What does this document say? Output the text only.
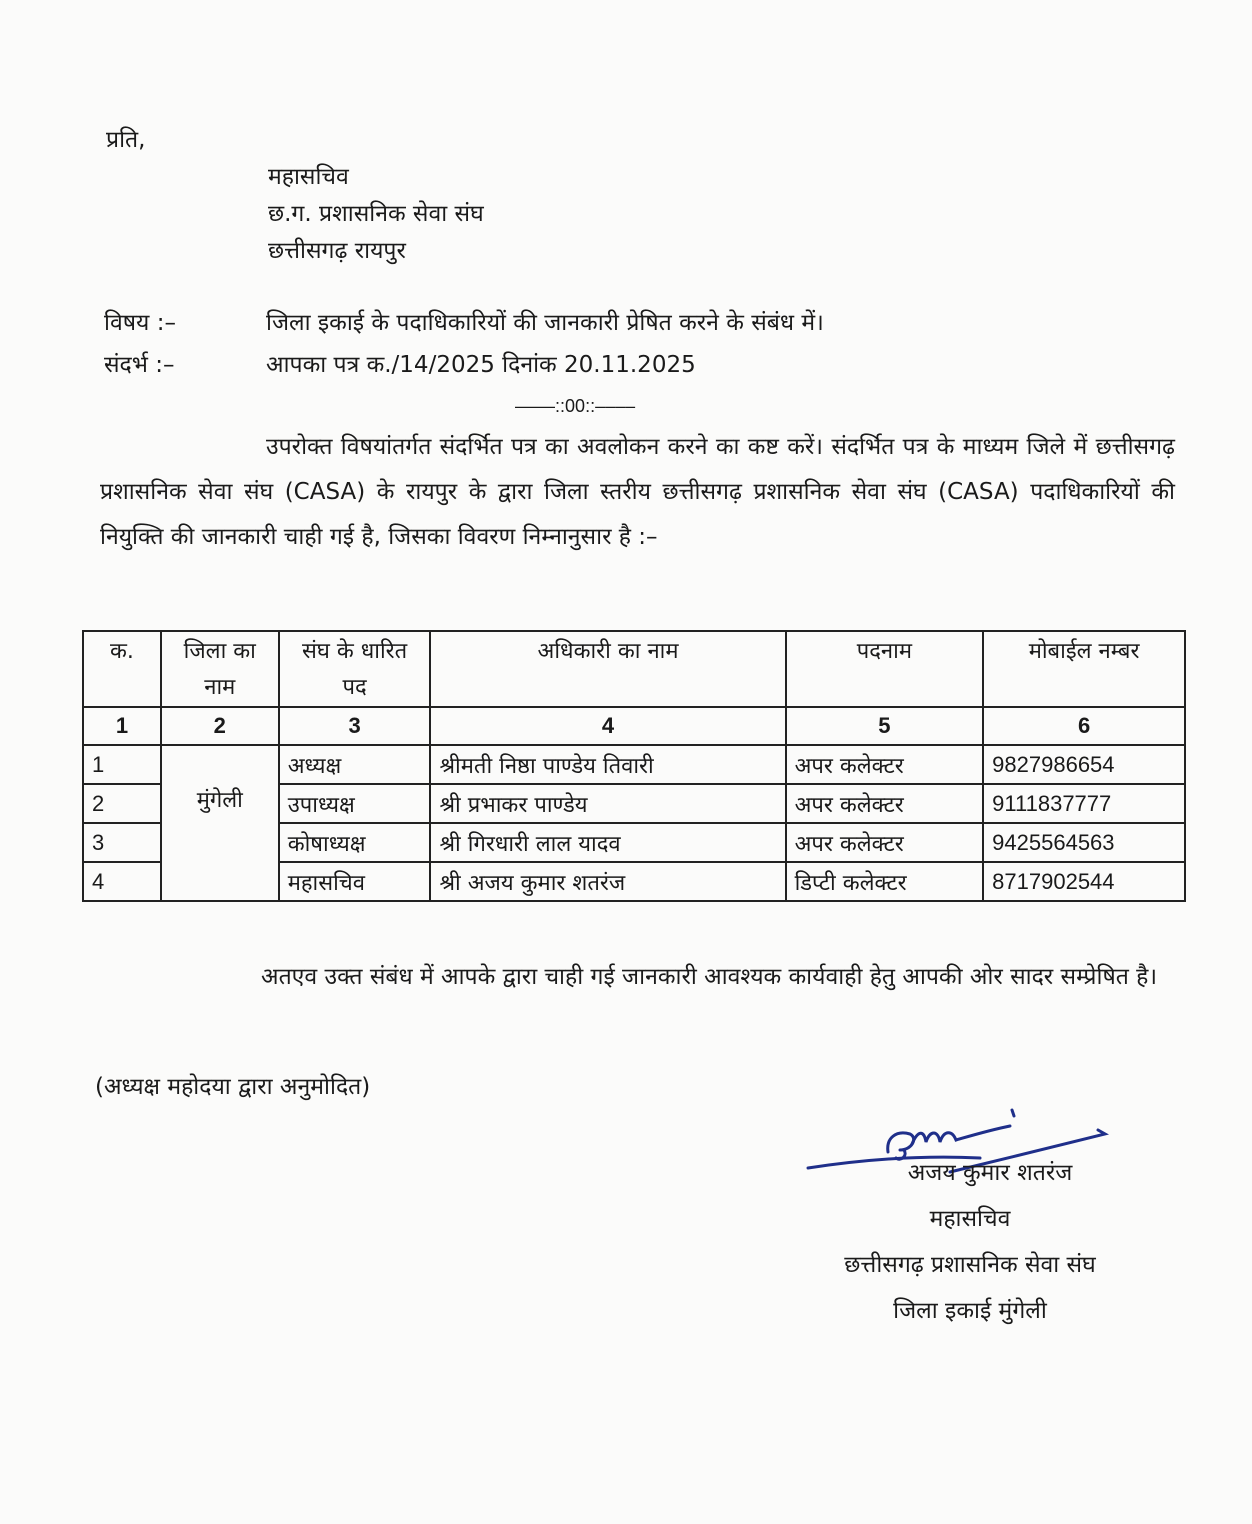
प्रति,
महासचिव
छ.ग. प्रशासनिक सेवा संघ
छत्तीसगढ़ रायपुर
विषय :–	जिला इकाई के पदाधिकारियों की जानकारी प्रेषित करने के संबंध में।
संदर्भ :–	आपका पत्र क./14/2025 दिनांक 20.11.2025
––––::00::––––
उपरोक्त विषयांतर्गत संदर्भित पत्र का अवलोकन करने का कष्ट करें। संदर्भित पत्र के माध्यम जिले में छत्तीसगढ़ प्रशासनिक सेवा संघ (CASA) के रायपुर के द्वारा जिला स्तरीय छत्तीसगढ़ प्रशासनिक सेवा संघ (CASA) पदाधिकारियों की नियुक्ति की जानकारी चाही गई है, जिसका विवरण निम्नानुसार है :–
क.	जिला का नाम	संघ के धारित पद	अधिकारी का नाम	पदनाम	मोबाईल नम्बर
1	2	3	4	5	6
1	मुंगेली	अध्यक्ष	श्रीमती निष्ठा पाण्डेय तिवारी	अपर कलेक्टर	9827986654
2		उपाध्यक्ष	श्री प्रभाकर पाण्डेय	अपर कलेक्टर	9111837777
3		कोषाध्यक्ष	श्री गिरधारी लाल यादव	अपर कलेक्टर	9425564563
4		महासचिव	श्री अजय कुमार शतरंज	डिप्टी कलेक्टर	8717902544
अतएव उक्त संबंध में आपके द्वारा चाही गई जानकारी आवश्यक कार्यवाही हेतु आपकी ओर सादर सम्प्रेषित है।
(अध्यक्ष महोदया द्वारा अनुमोदित)
अजय कुमार शतरंज
महासचिव
छत्तीसगढ़ प्रशासनिक सेवा संघ
जिला इकाई मुंगेली
